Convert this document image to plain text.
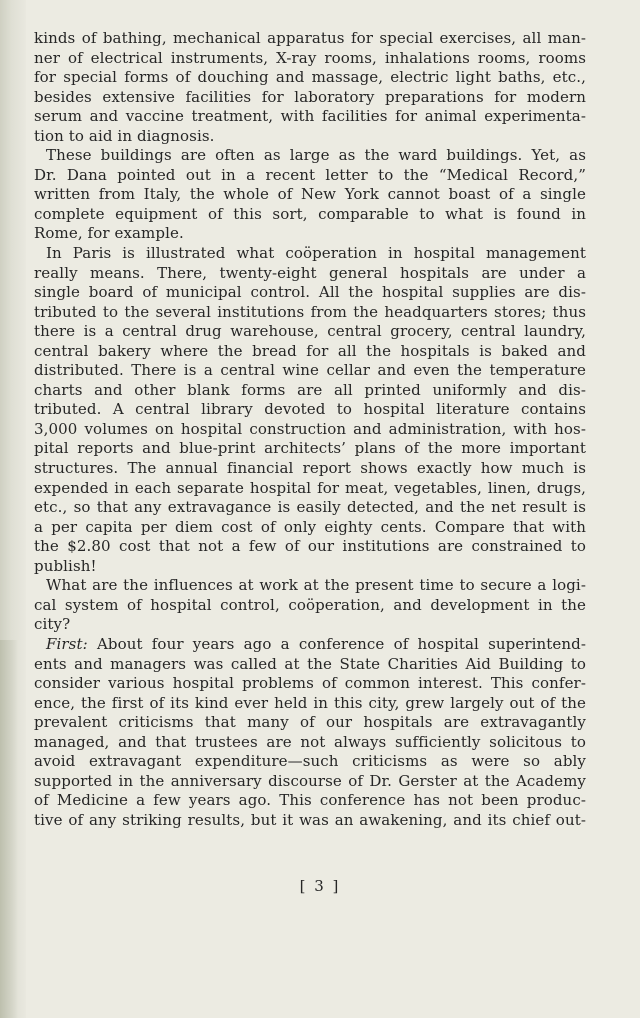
kinds of bathing, mechanical apparatus for special exercises, all man-

ner of electrical instruments, X-ray rooms, inhalations rooms, rooms

for special forms of douching and massage, electric light baths, etc.,

besides extensive facilities for laboratory preparations for modern

serum and vaccine treatment, with facilities for animal experimenta-

tion to aid in diagnosis.

These buildings are often as large as the ward buildings. Yet, as

Dr. Dana pointed out in a recent letter to the “Medical Record,”

written from Italy, the whole of New York cannot boast of a single

complete equipment of this sort, comparable to what is found in

Rome, for example.

In Paris is illustrated what coöperation in hospital management

really means. There, twenty-eight general hospitals are under a

single board of municipal control. All the hospital supplies are dis-

tributed to the several institutions from the headquarters stores; thus

there is a central drug warehouse, central grocery, central laundry,

central bakery where the bread for all the hospitals is baked and

distributed. There is a central wine cellar and even the temperature

charts and other blank forms are all printed uniformly and dis-

tributed. A central library devoted to hospital literature contains

3,000 volumes on hospital construction and administration, with hos-

pital reports and blue-print architects’ plans of the more important

structures. The annual financial report shows exactly how much is

expended in each separate hospital for meat, vegetables, linen, drugs,

etc., so that any extravagance is easily detected, and the net result is

a per capita per diem cost of only eighty cents. Compare that with

the $2.80 cost that not a few of our institutions are constrained to

publish!

What are the influences at work at the present time to secure a logi-

cal system of hospital control, coöperation, and development in the city?

First: About four years ago a conference of hospital superintend-

ents and managers was called at the State Charities Aid Building to

consider various hospital problems of common interest. This confer-

ence, the first of its kind ever held in this city, grew largely out of the

prevalent criticisms that many of our hospitals are extravagantly

managed, and that trustees are not always sufficiently solicitous to

avoid extravagant expenditure—such criticisms as were so ably

supported in the anniversary discourse of Dr. Gerster at the Academy

of Medicine a few years ago. This conference has not been produc-

tive of any striking results, but it was an awakening, and its chief out-

[ 3 ]
